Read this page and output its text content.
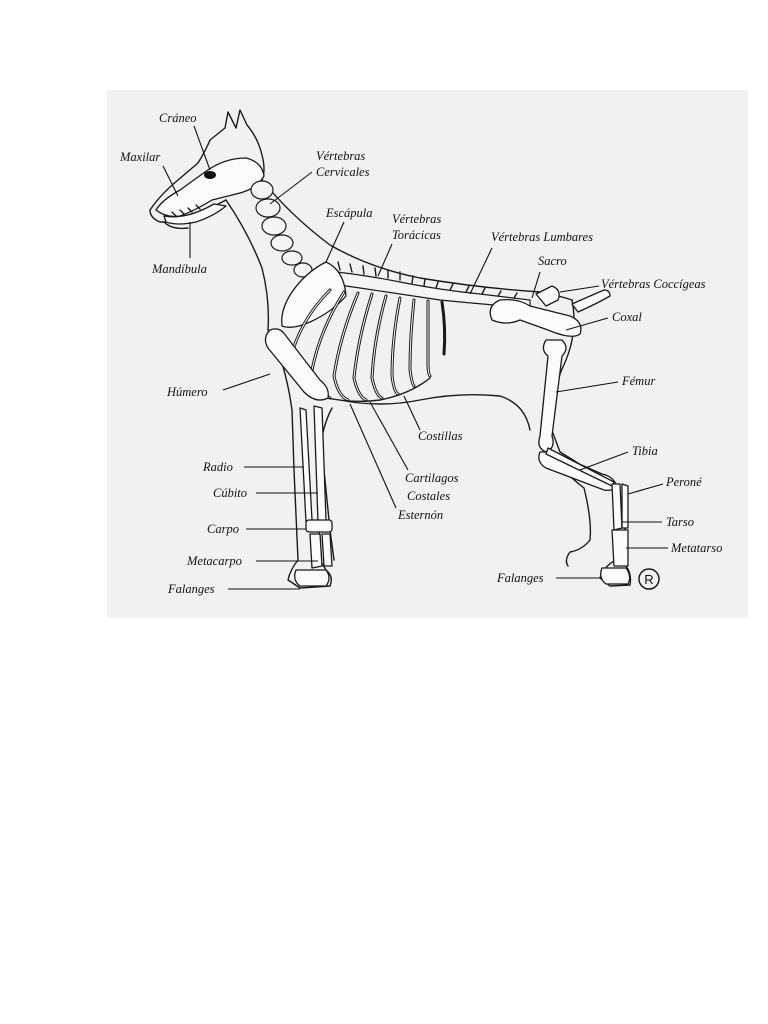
Cráneo
Maxilar
Mandíbula
Vértebras
Cervicales
Escápula Vértebras
Torácicas	Vértebras Lumbares
Sacro
Vértebras Coccígeas
Coxal
Húmero
Fémur
Costillas
Tibia
Radio
Cartilagos
Costales
Peroné
Cúbito
Esternón	Tarso
Carpo
Metatarso
Metacarpo
Falanges
Falanges
R
